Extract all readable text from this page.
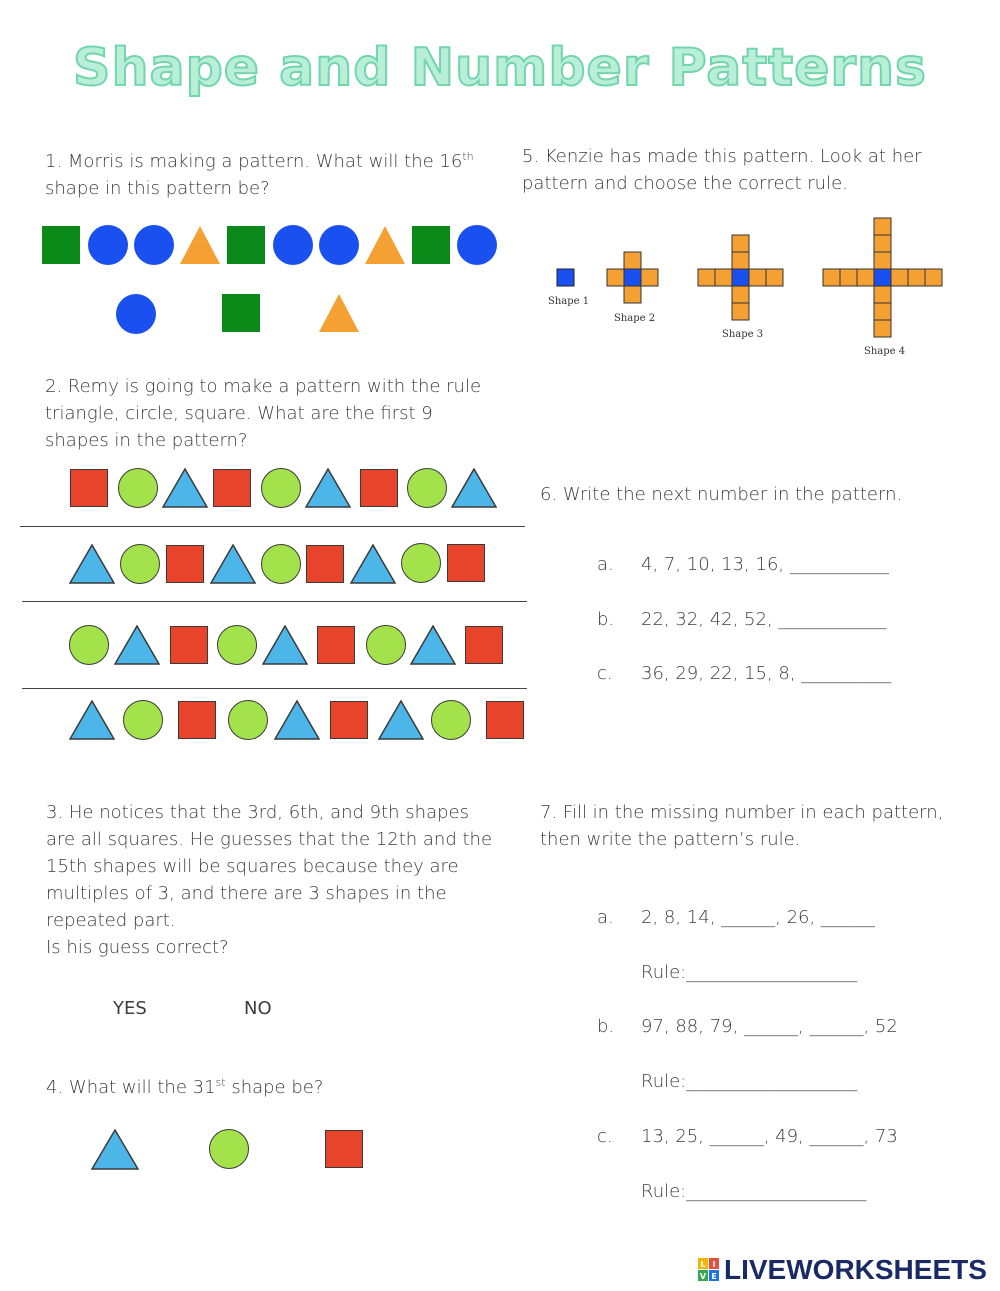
Shape and Number Patterns
1. Morris is making a pattern. What will the 16th
shape in this pattern be?
2. Remy is going to make a pattern with the rule
triangle, circle, square. What are the first 9
shapes in the pattern?
3. He notices that the 3rd, 6th, and 9th shapes
are all squares. He guesses that the 12th and the
15th shapes will be squares because they are
multiples of 3, and there are 3 shapes in the
repeated part.
Is his guess correct?
YES	NO
4. What will the 31st shape be?
5. Kenzie has made this pattern. Look at her
pattern and choose the correct rule.
Shape 1
Shape 2
Shape 3
Shape 4
6. Write the next number in the pattern.
a. 4, 7, 10, 13, 16, ___________
b. 22, 32, 42, 52, ____________
c. 36, 29, 22, 15, 8, __________
7. Fill in the missing number in each pattern,
then write the pattern’s rule.
a. 2, 8, 14, ______, 26, ______
Rule:___________________
b. 97, 88, 79, ______, ______, 52
Rule:___________________
c. 13, 25, ______, 49, ______, 73
Rule:____________________
L I
V E LIVEWORKSHEETS
